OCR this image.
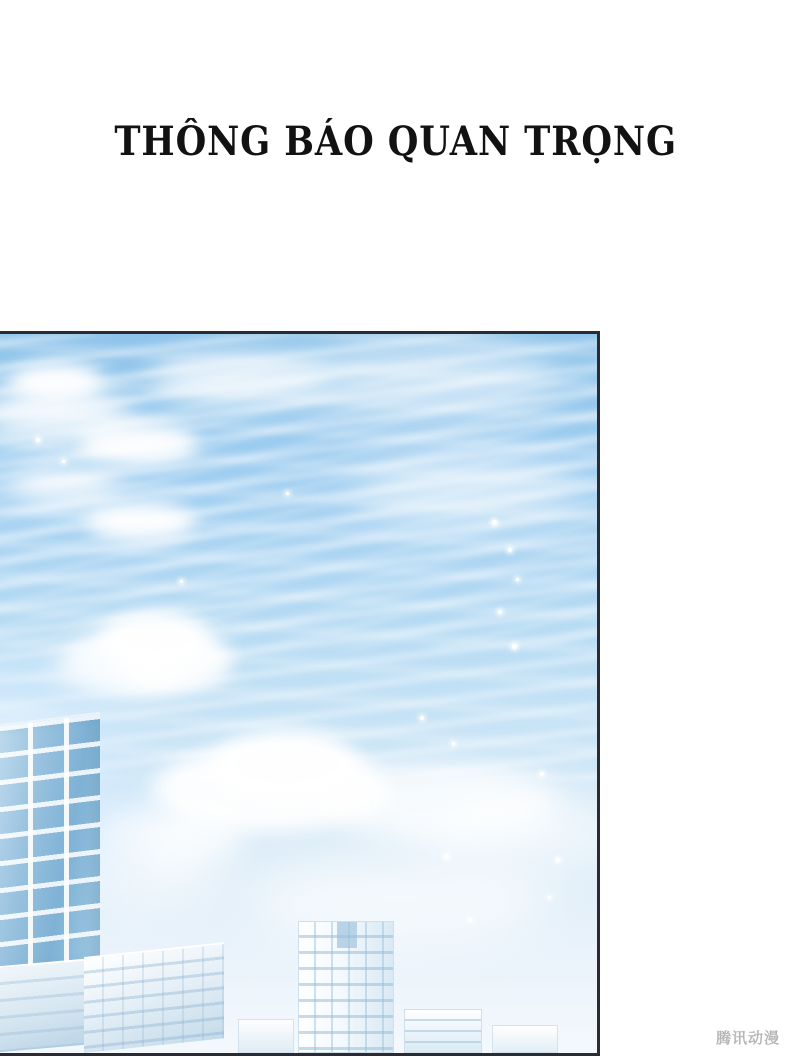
THÔNG BÁO QUAN TRỌNG
腾讯动漫
